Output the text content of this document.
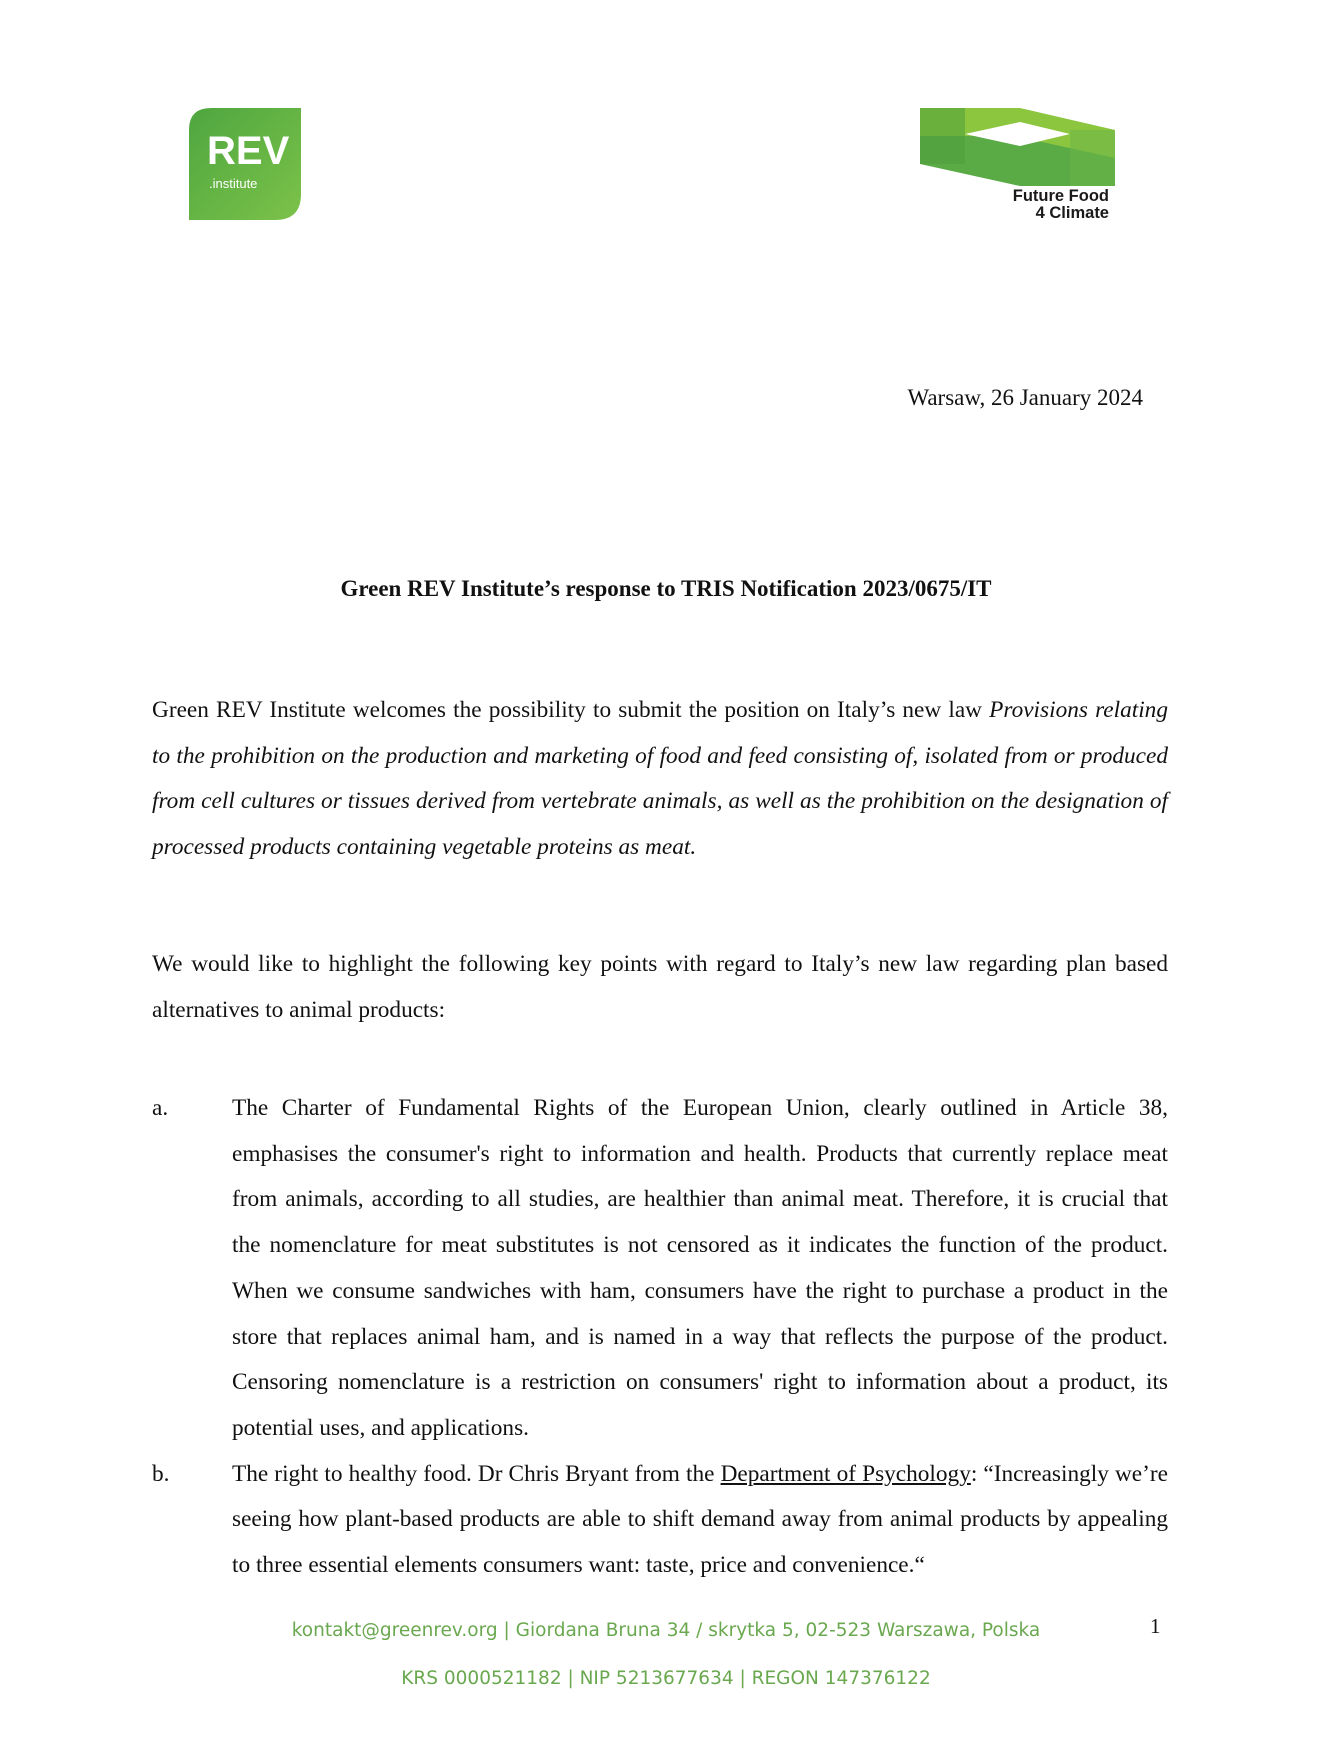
REV
.institute
Future Food
4 Climate
Warsaw, 26 January 2024
Green REV Institute’s response to TRIS Notification 2023/0675/IT
Green REV Institute welcomes the possibility to submit the position on Italy’s new law Provisions relating to the prohibition on the production and marketing of food and feed consisting of, isolated from or produced from cell cultures or tissues derived from vertebrate animals, as well as the prohibition on the designation of processed products containing vegetable proteins as meat.
We would like to highlight the following key points with regard to Italy’s new law regarding plan based alternatives to animal products:
a.	The Charter of Fundamental Rights of the European Union, clearly outlined in Article 38, emphasises the consumer's right to information and health. Products that currently replace meat from animals, according to all studies, are healthier than animal meat. Therefore, it is crucial that the nomenclature for meat substitutes is not censored as it indicates the function of the product. When we consume sandwiches with ham, consumers have the right to purchase a product in the store that replaces animal ham, and is named in a way that reflects the purpose of the product. Censoring nomenclature is a restriction on consumers' right to information about a product, its potential uses, and applications.
b.	The right to healthy food. Dr Chris Bryant from the Department of Psychology: “Increasingly we’re seeing how plant-based products are able to shift demand away from animal products by appealing to three essential elements consumers want: taste, price and convenience.“
kontakt@greenrev.org | Giordana Bruna 34 / skrytka 5, 02-523 Warszawa, Polska
KRS 0000521182 | NIP 5213677634 | REGON 147376122
1
